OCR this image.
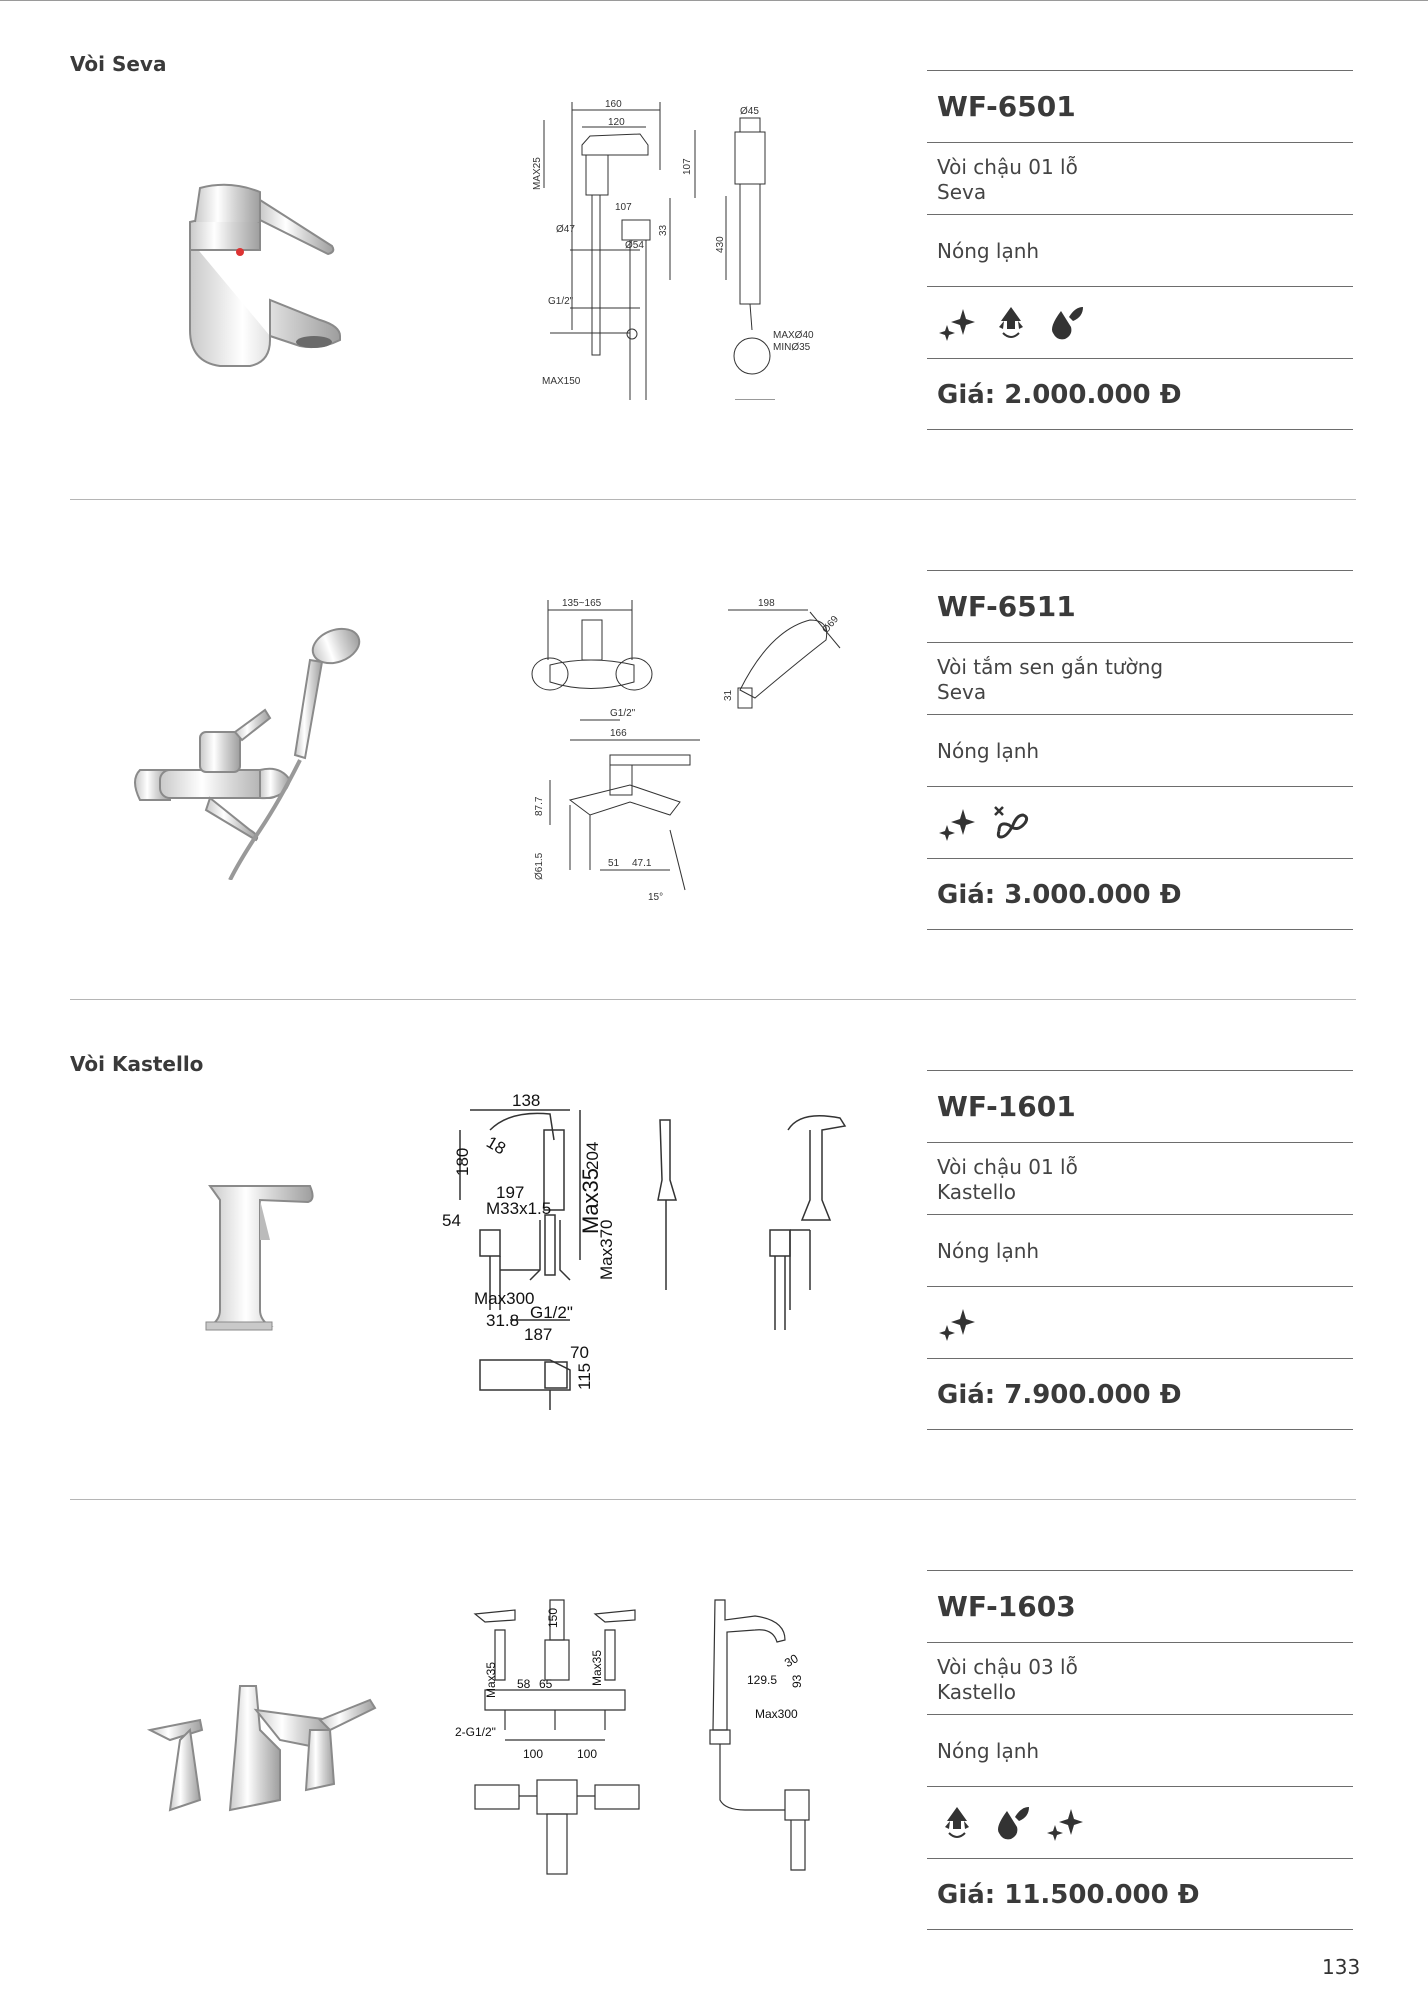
Vòi Seva
160
120
MAX25	107
107
33
Ø47
Ø54
G1/2"
MAX150
Ø45
430
MAXØ40
MINØ35
WF-6501
Vòi chậu 01 lỗ
Seva
Nóng lạnh
Giá: 2.000.000 Đ
135~165
G1/2"
166
87.7
Ø61.5	51 47.1
15°
198
Ø69
31
WF-6511
Vòi tắm sen gắn tường
Seva
Nóng lạnh
Giá: 3.000.000 Đ
Vòi Kastello
138
180
18	204
197
M33x1.5 Max35
54	Max370
Max300
31.8 G1/2"
187
70
115
WF-1601
Vòi chậu 01 lỗ
Kastello
Nóng lạnh
Giá: 7.900.000 Đ
150
58 65
Max35	Max35
2-G1/2"
100	100
129.5
30
93
Max300
WF-1603
Vòi chậu 03 lỗ
Kastello
Nóng lạnh
Giá: 11.500.000 Đ
133
